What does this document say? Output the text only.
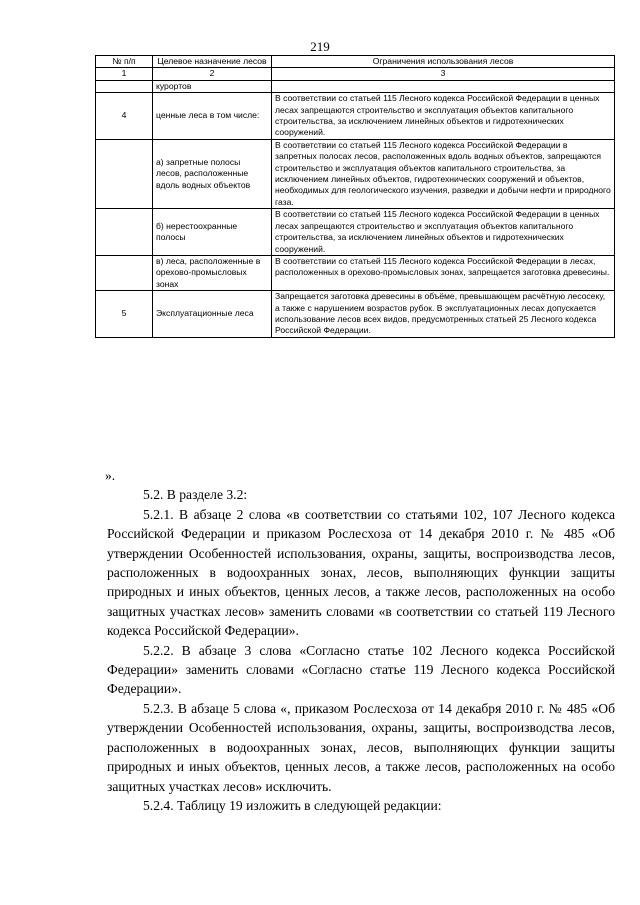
219
№ п/п	Целевое назначение лесов	Ограничения использования лесов
1	2	3
	курортов	
4	ценные леса в том числе:	В соответствии со статьей 115 Лесного кодекса Российской Федерации в ценных лесах запрещаются строительство и эксплуатация объектов капитального строительства, за исключением линейных объектов и гидротехнических сооружений.
	а) запретные полосы лесов, расположенные вдоль водных объектов	В соответствии со статьей 115 Лесного кодекса Российской Федерации в запретных полосах лесов, расположенных вдоль водных объектов, запрещаются строительство и эксплуатация объектов капитального строительства, за исключением линейных объектов, гидротехнических сооружений и объектов, необходимых для геологического изучения, разведки и добычи нефти и природного газа.
	б) нерестоохранные полосы	В соответствии со статьей 115 Лесного кодекса Российской Федерации в ценных лесах запрещаются строительство и эксплуатация объектов капитального строительства, за исключением линейных объектов и гидротехнических сооружений.
	в) леса, расположенные в орехово-промысловых зонах	В соответствии со статьей 115 Лесного кодекса Российской Федерации в лесах, расположенных в орехово-промысловых зонах, запрещается заготовка древесины.
5	Эксплуатационные леса	Запрещается заготовка древесины в объёме, превышающем расчётную лесосеку, а также с нарушением возрастов рубок. В эксплуатационных лесах допускается использование лесов всех видов, предусмотренных статьей 25 Лесного кодекса Российской Федерации.

».

5.2. В разделе 3.2:

5.2.1. В абзаце 2 слова «в соответствии со статьями 102, 107 Лесного кодекса Российской Федерации и приказом Рослесхоза от 14 декабря 2010 г. № 485 «Об утверждении Особенностей использования, охраны, защиты, воспроизводства лесов, расположенных в водоохранных зонах, лесов, выполняющих функции защиты природных и иных объектов, ценных лесов, а также лесов, расположенных на особо защитных участках лесов» заменить словами «в соответствии со статьей 119 Лесного кодекса Российской Федерации».

5.2.2. В абзаце 3 слова «Согласно статье 102 Лесного кодекса Российской Федерации» заменить словами «Согласно статье 119 Лесного кодекса Российской Федерации».

5.2.3. В абзаце 5 слова «, приказом Рослесхоза от 14 декабря 2010 г. № 485 «Об утверждении Особенностей использования, охраны, защиты, воспроизводства лесов, расположенных в водоохранных зонах, лесов, выполняющих функции защиты природных и иных объектов, ценных лесов, а также лесов, расположенных на особо защитных участках лесов» исключить.

5.2.4. Таблицу 19 изложить в следующей редакции:
